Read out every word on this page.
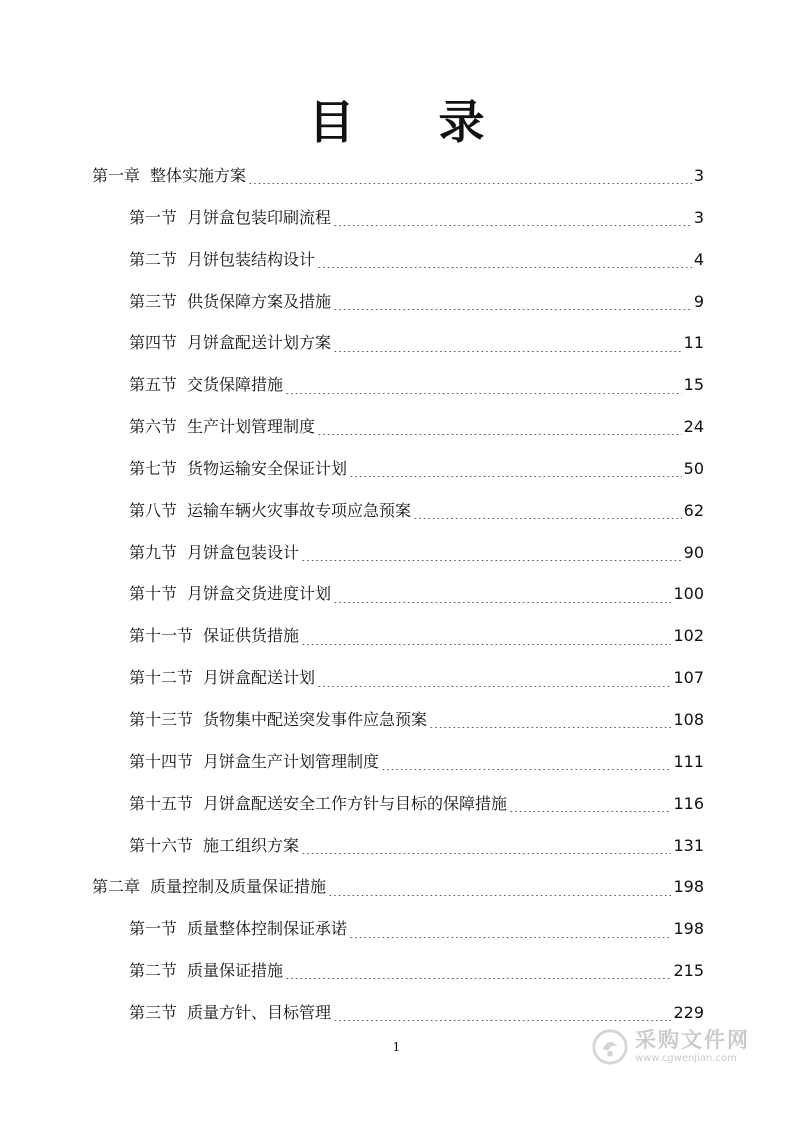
目 录
第一章 整体实施方案	3
第一节 月饼盒包装印刷流程	3
第二节 月饼包装结构设计	4
第三节 供货保障方案及措施	9
第四节 月饼盒配送计划方案	11
第五节 交货保障措施	15
第六节 生产计划管理制度	24
第七节 货物运输安全保证计划	50
第八节 运输车辆火灾事故专项应急预案	62
第九节 月饼盒包装设计	90
第十节 月饼盒交货进度计划	100
第十一节 保证供货措施	102
第十二节 月饼盒配送计划	107
第十三节 货物集中配送突发事件应急预案	108
第十四节 月饼盒生产计划管理制度	111
第十五节 月饼盒配送安全工作方针与目标的保障措施	116
第十六节 施工组织方案	131
第二章 质量控制及质量保证措施	198
第一节 质量整体控制保证承诺	198
第二节 质量保证措施	215
第三节 质量方针、目标管理	229
1	采购文件网
www.cgwenjian.com
